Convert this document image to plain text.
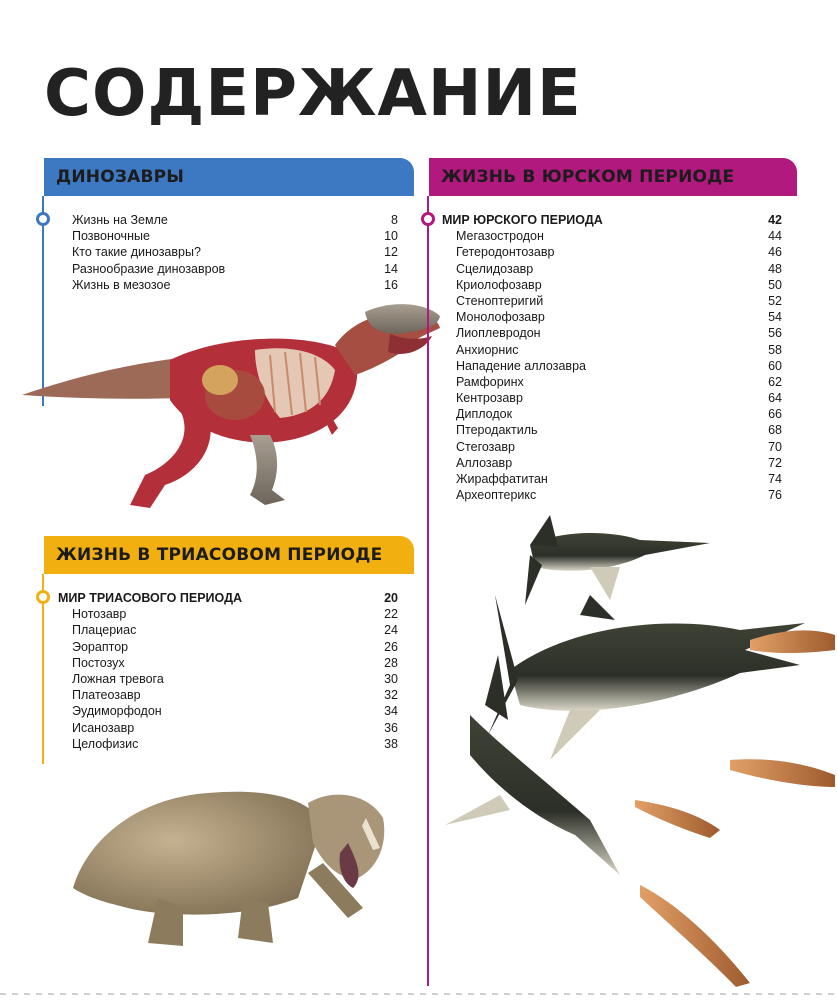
СОДЕРЖАНИЕ
ДИНОЗАВРЫ
Жизнь на Земле	8
Позвоночные	10
Кто такие динозавры?	12
Разнообразие динозавров	14
Жизнь в мезозое	16
ЖИЗНЬ В ТРИАСОВОМ ПЕРИОДЕ
МИР ТРИАСОВОГО ПЕРИОДА	20
Нотозавр	22
Плацериас	24
Эораптор	26
Постозух	28
Ложная тревога	30
Платеозавр	32
Эудиморфодон	34
Исанозавр	36
Целофизис	38
ЖИЗНЬ В ЮРСКОМ ПЕРИОДЕ
МИР ЮРСКОГО ПЕРИОДА	42
Мегазостродон	44
Гетеродонтозавр	46
Сцелидозавр	48
Криолофозавр	50
Стеноптеригий	52
Монолофозавр	54
Лиоплевродон	56
Анхиорнис	58
Нападение аллозавра	60
Рамфоринх	62
Кентрозавр	64
Диплодок	66
Птеродактиль	68
Стегозавр	70
Аллозавр	72
Жираффатитан	74
Археоптерикс	76
